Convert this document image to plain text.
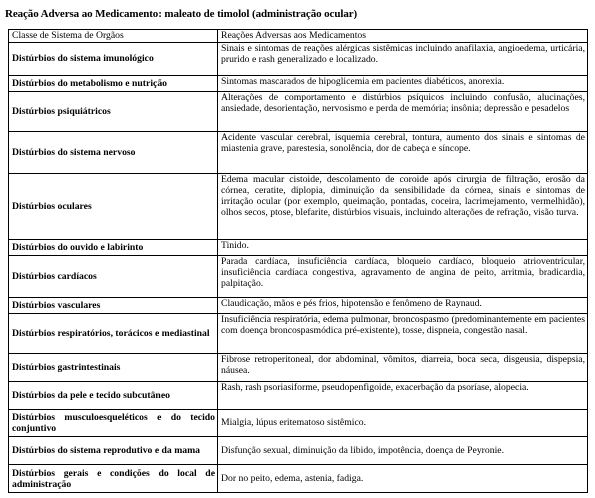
Reação Adversa ao Medicamento: maleato de timolol (administração ocular)
Classe de Sistema de Orgãos	Reações Adversas aos Medicamentos
Distúrbios do sistema imunológico	Sinais e sintomas de reações alérgicas sistêmicas incluindo anafilaxia, angioedema, urticária, prurido e rash generalizado e localizado.
Distúrbios do metabolismo e nutrição	Sintomas mascarados de hipoglicemia em pacientes diabéticos, anorexia.
Distúrbios psiquiátricos	Alterações de comportamento e distúrbios psíquicos incluindo confusão, alucinações, ansiedade, desorientação, nervosismo e perda de memória; insônia; depressão e pesadelos
Distúrbios do sistema nervoso	Acidente vascular cerebral, isquemia cerebral, tontura, aumento dos sinais e sintomas de miastenia grave, parestesia, sonolência, dor de cabeça e síncope.
Distúrbios oculares	Edema macular cistoide, descolamento de coroide após cirurgia de filtração, erosão da córnea, ceratite, diplopia, diminuição da sensibilidade da córnea, sinais e sintomas de irritação ocular (por exemplo, queimação, pontadas, coceira, lacrimejamento, vermelhidão), olhos secos, ptose, blefarite, distúrbios visuais, incluindo alterações de refração, visão turva.
Distúrbios do ouvido e labirinto	Tinido.
Distúrbios cardíacos	Parada cardíaca, insuficiência cardíaca, bloqueio cardíaco, bloqueio atrioventricular, insuficiência cardíaca congestiva, agravamento de angina de peito, arritmia, bradicardia, palpitação.
Distúrbios vasculares	Claudicação, mãos e pés frios, hipotensão e fenômeno de Raynaud.
Distúrbios respiratórios, torácicos e mediastinal	Insuficiência respiratória, edema pulmonar, broncospasmo (predominantemente em pacientes com doença broncospasmódica pré-existente), tosse, dispneia, congestão nasal.
Distúrbios gastrintestinais	Fibrose retroperitoneal, dor abdominal, vômitos, diarreia, boca seca, disgeusia, dispepsia, náusea.
Distúrbios da pele e tecido subcutâneo	Rash, rash psoriasiforme, pseudopenfigoide, exacerbação da psoríase, alopecia.
Distúrbios musculoesqueléticos e do tecido conjuntivo	Mialgia, lúpus eritematoso sistêmico.
Distúrbios do sistema reprodutivo e da mama	Disfunção sexual, diminuição da libido, impotência, doença de Peyronie.
Distúrbios gerais e condições do local de administração	Dor no peito, edema, astenia, fadiga.
